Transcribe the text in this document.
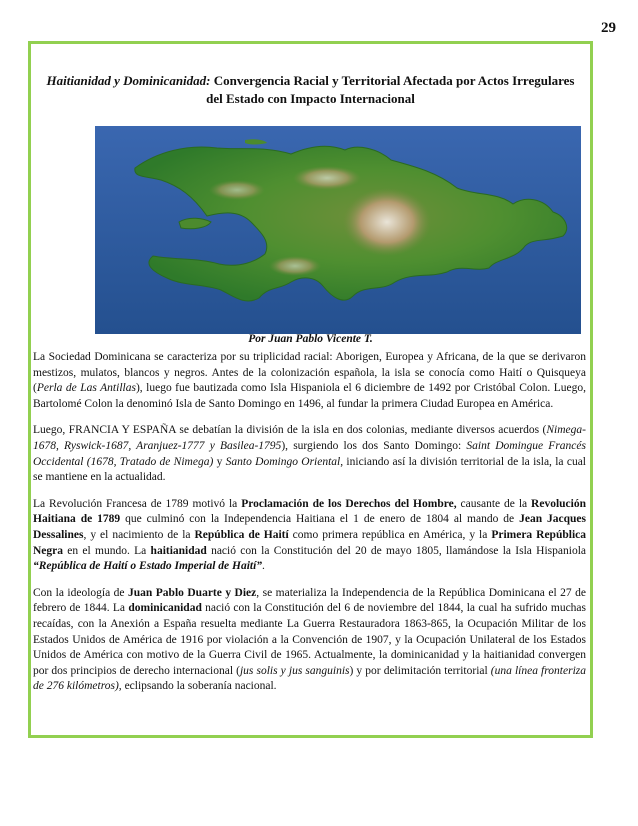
29
Haitianidad y Dominicanidad: Convergencia Racial y Territorial Afectada por Actos Irregulares del Estado con Impacto Internacional
Por Juan Pablo Vicente T.

La Sociedad Dominicana se caracteriza por su triplicidad racial: Aborigen, Europea y Africana, de la que se derivaron mestizos, mulatos, blancos y negros. Antes de la colonización española, la isla se conocía como Haití o Quisqueya (Perla de Las Antillas), luego fue bautizada como Isla Hispaniola el 6 diciembre de 1492 por Cristóbal Colon. Luego, Bartolomé Colon la denominó Isla de Santo Domingo en 1496, al fundar la primera Ciudad Europea en América.

Luego, FRANCIA Y ESPAÑA se debatían la división de la isla en dos colonias, mediante diversos acuerdos (Nimega-1678, Ryswick-1687, Aranjuez-1777 y Basilea-1795), surgiendo los dos Santo Domingo: Saint Domingue Francés Occidental (1678, Tratado de Nimega) y Santo Domingo Oriental, iniciando así la división territorial de la isla, la cual se mantiene en la actualidad.

La Revolución Francesa de 1789 motivó la Proclamación de los Derechos del Hombre, causante de la Revolución Haitiana de 1789 que culminó con la Independencia Haitiana el 1 de enero de 1804 al mando de Jean Jacques Dessalines, y el nacimiento de la República de Haití como primera república en América, y la Primera República Negra en el mundo. La haitianidad nació con la Constitución del 20 de mayo 1805, llamándose la Isla Hispaniola “República de Haití o Estado Imperial de Haití”.

Con la ideología de Juan Pablo Duarte y Diez, se materializa la Independencia de la República Dominicana el 27 de febrero de 1844. La dominicanidad nació con la Constitución del 6 de noviembre del 1844, la cual ha sufrido muchas recaídas, con la Anexión a España resuelta mediante La Guerra Restauradora 1863-865, la Ocupación Militar de los Estados Unidos de América de 1916 por violación a la Convención de 1907, y la Ocupación Unilateral de los Estados Unidos de América con motivo de la Guerra Civil de 1965. Actualmente, la dominicanidad y la haitianidad convergen por dos principios de derecho internacional (jus solis y jus sanguinis) y por delimitación territorial (una línea fronteriza de 276 kilómetros), eclipsando la soberanía nacional.
